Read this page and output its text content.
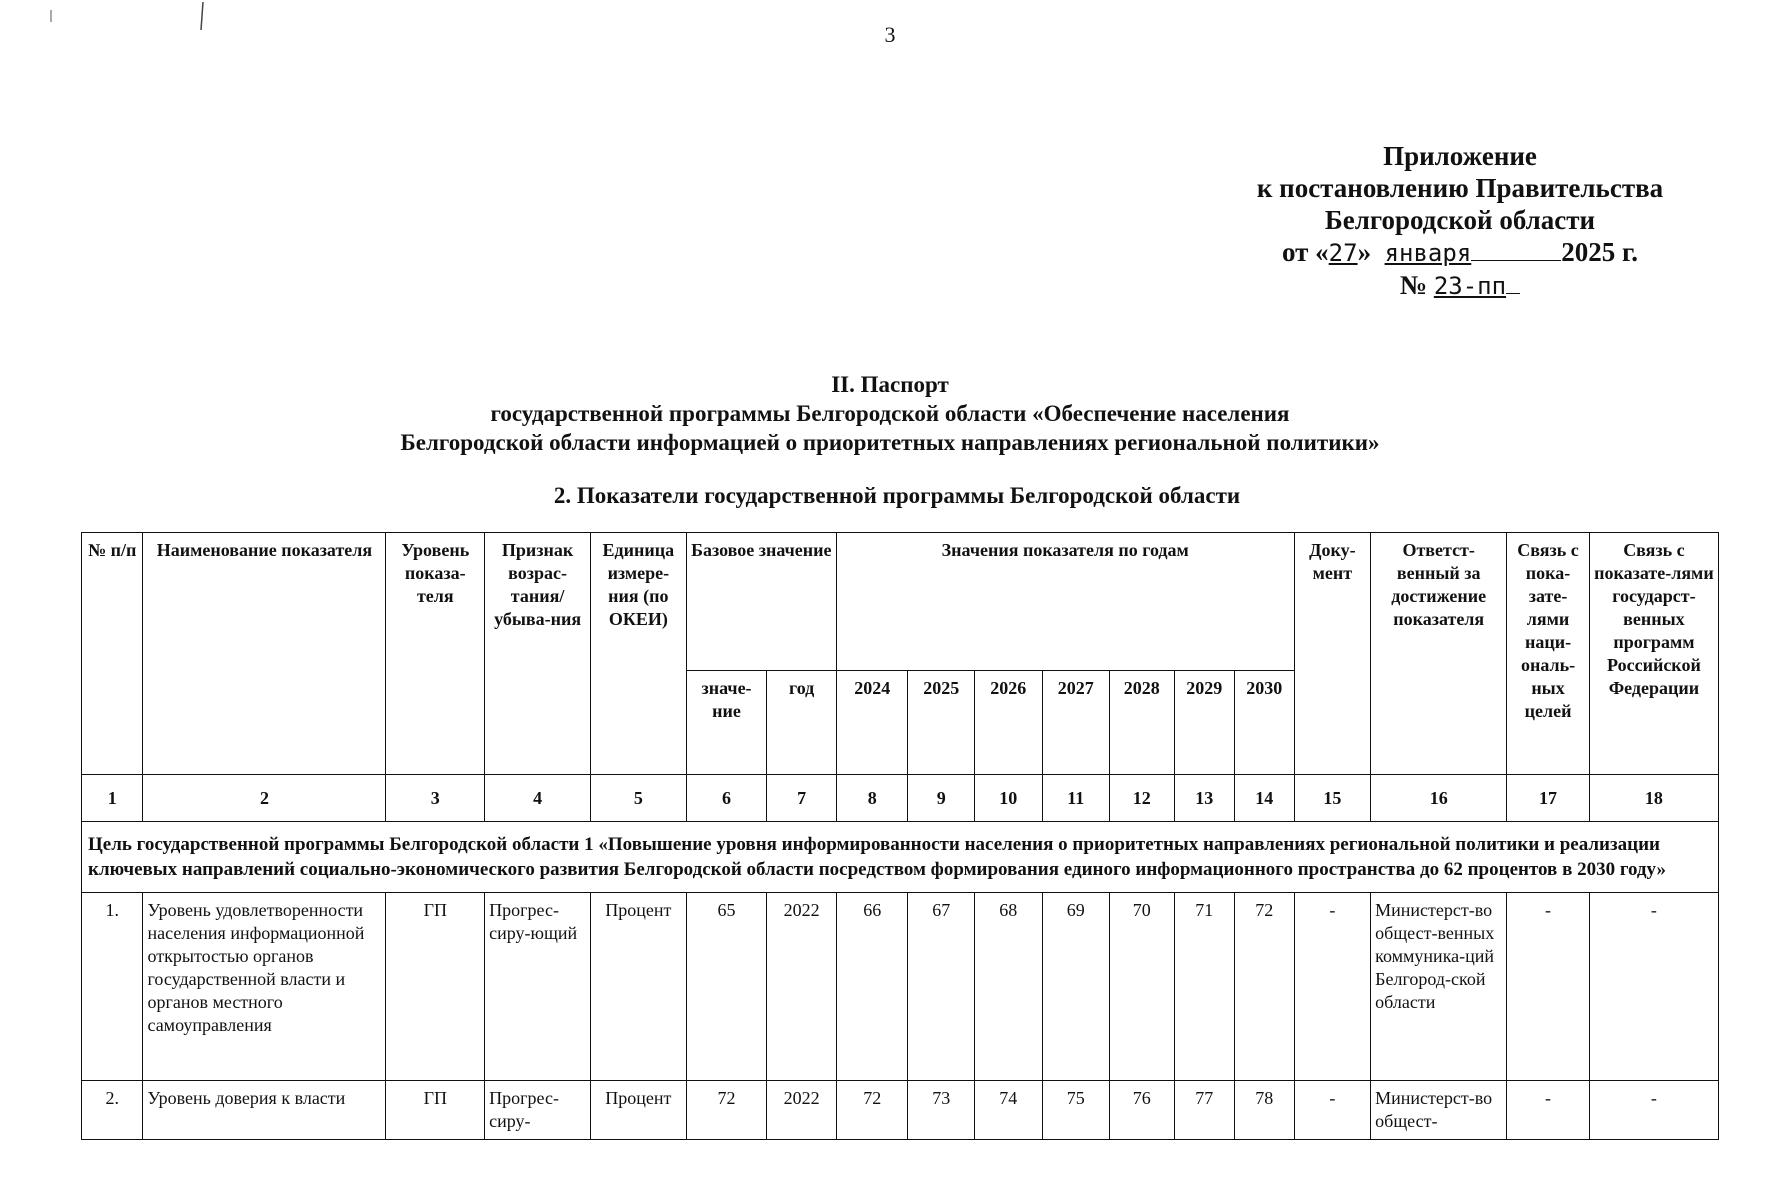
3
Приложение
к постановлению Правительства
Белгородской области
от «27» января	2025 г.
№ 23-пп
II. Паспорт
государственной программы Белгородской области «Обеспечение населения
Белгородской области информацией о приоритетных направлениях региональной политики»
2. Показатели государственной программы Белгородской области
№ п/п	Наименование показателя	Уровень показа-теля	Признак возрас-тания/ убыва-ния	Единица измере-ния (по ОКЕИ)	Базовое значение		Значения показателя по годам							Доку-мент	Ответст-венный за достижение показателя	Связь с пока-зате-лями наци-ональ-ных целей	Связь с показате-лями государст-венных программ Российской Федерации
					значе-ние	год	2024	2025	2026	2027	2028	2029	2030				
1	2	3	4	5	6	7	8	9	10	11	12	13	14	15	16	17	18
Цель государственной программы Белгородской области 1 «Повышение уровня информированности населения о приоритетных направлениях региональной политики и реализации ключевых направлений социально-экономического развития Белгородской области посредством формирования единого информационного пространства до 62 процентов в 2030 году»																	
1.	Уровень удовлетворенности населения информационной открытостью органов государственной власти и органов местного самоуправления	ГП	Прогрес-сиру-ющий	Процент	65	2022	66	67	68	69	70	71	72	-	Министерст-во общест-венных коммуника-ций Белгород-ской области	-	-
2.	Уровень доверия к власти	ГП	Прогрес-сиру-	Процент	72	2022	72	73	74	75	76	77	78	-	Министерст-во общест-	-	-
